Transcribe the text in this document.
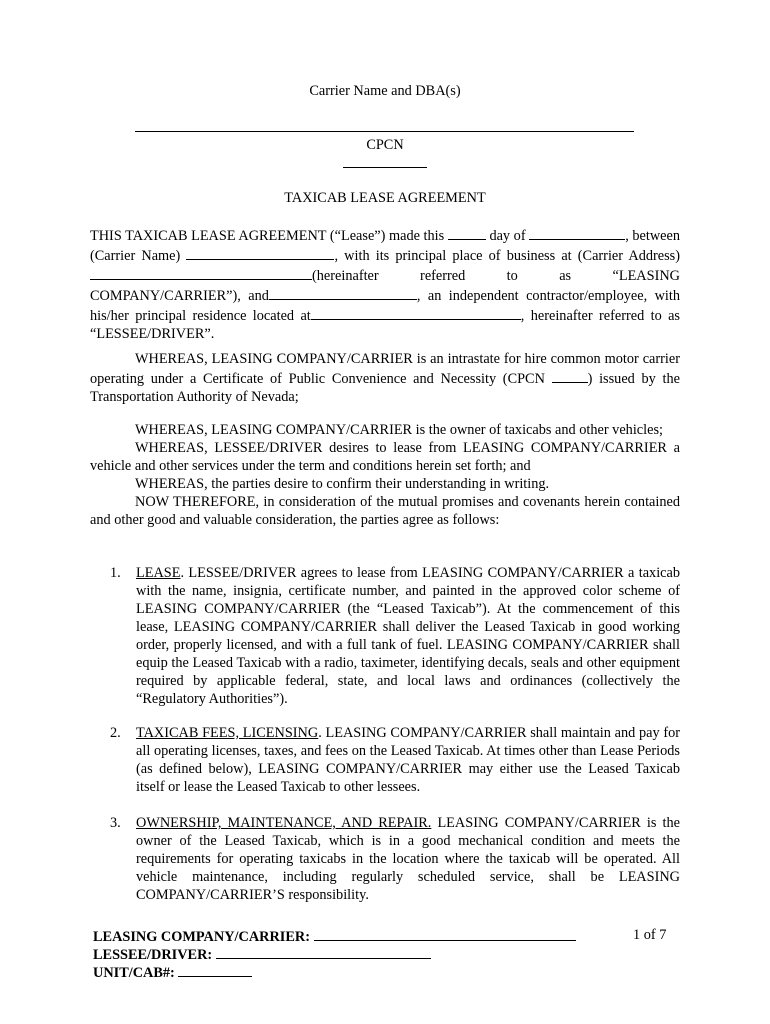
Carrier Name and DBA(s)
CPCN
TAXICAB LEASE AGREEMENT

THIS TAXICAB LEASE AGREEMENT (“Lease”) made this	day of	, between (Carrier Name)	, with its principal place of business at (Carrier Address)(hereinafter referred to as “LEASING COMPANY/CARRIER”), and	, an independent contractor/employee, with his/her principal residence located at	, hereinafter referred to as “LESSEE/DRIVER”.

WHEREAS, LEASING COMPANY/CARRIER is an intrastate for hire common motor carrier operating under a Certificate of Public Convenience and Necessity (CPCN	) issued by the Transportation Authority of Nevada;

WHEREAS, LEASING COMPANY/CARRIER is the owner of taxicabs and other vehicles;

WHEREAS, LESSEE/DRIVER desires to lease from LEASING COMPANY/CARRIER a vehicle and other services under the term and conditions herein set forth; and

WHEREAS, the parties desire to confirm their understanding in writing.

NOW THEREFORE, in consideration of the mutual promises and covenants herein contained and other good and valuable consideration, the parties agree as follows:

1.	LEASE. LESSEE/DRIVER agrees to lease from LEASING COMPANY/CARRIER a taxicab with the name, insignia, certificate number, and painted in the approved color scheme of LEASING COMPANY/CARRIER (the “Leased Taxicab”). At the commencement of this lease, LEASING COMPANY/CARRIER shall deliver the Leased Taxicab in good working order, properly licensed, and with a full tank of fuel. LEASING COMPANY/CARRIER shall equip the Leased Taxicab with a radio, taximeter, identifying decals, seals and other equipment required by applicable federal, state, and local laws and ordinances (collectively the “Regulatory Authorities”).
2.	TAXICAB FEES, LICENSING. LEASING COMPANY/CARRIER shall maintain and pay for all operating licenses, taxes, and fees on the Leased Taxicab. At times other than Lease Periods (as defined below), LEASING COMPANY/CARRIER may either use the Leased Taxicab itself or lease the Leased Taxicab to other lessees.
3.	OWNERSHIP, MAINTENANCE, AND REPAIR. LEASING COMPANY/CARRIER is the owner of the Leased Taxicab, which is in a good mechanical condition and meets the requirements for operating taxicabs in the location where the taxicab will be operated. All vehicle maintenance, including regularly scheduled service, shall be LEASING COMPANY/CARRIER’S responsibility.
LEASING COMPANY/CARRIER:
LESSEE/DRIVER:
UNIT/CAB#:
1 of 7
